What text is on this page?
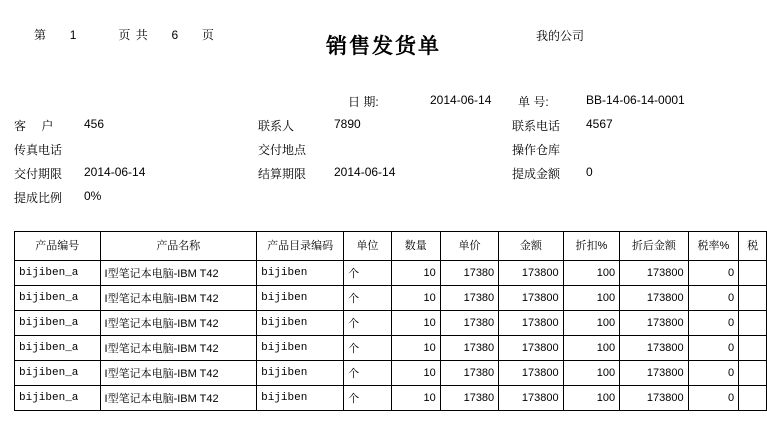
第 1	页 共 6 页	销售发货单	我的公司
日 期:	2014-06-14 单 号:	BB-14-06-14-0001
客 户 456	联系人	7890	联系电话 4567
传真电话	交付地点	操作仓库
交付期限 2014-06-14	结算期限 2014-06-14	提成金额 0
提成比例 0%
产品编号	产品名称	产品目录编码	单位	数量	单价	金额	折扣%	折后金额	税率%	税
bijiben_a	I型笔记本电脑-IBM T42	bijiben	个	10	17380	173800	100	173800	0	
bijiben_a	I型笔记本电脑-IBM T42	bijiben	个	10	17380	173800	100	173800	0	
bijiben_a	I型笔记本电脑-IBM T42	bijiben	个	10	17380	173800	100	173800	0	
bijiben_a	I型笔记本电脑-IBM T42	bijiben	个	10	17380	173800	100	173800	0	
bijiben_a	I型笔记本电脑-IBM T42	bijiben	个	10	17380	173800	100	173800	0	
bijiben_a	I型笔记本电脑-IBM T42	bijiben	个	10	17380	173800	100	173800	0	
